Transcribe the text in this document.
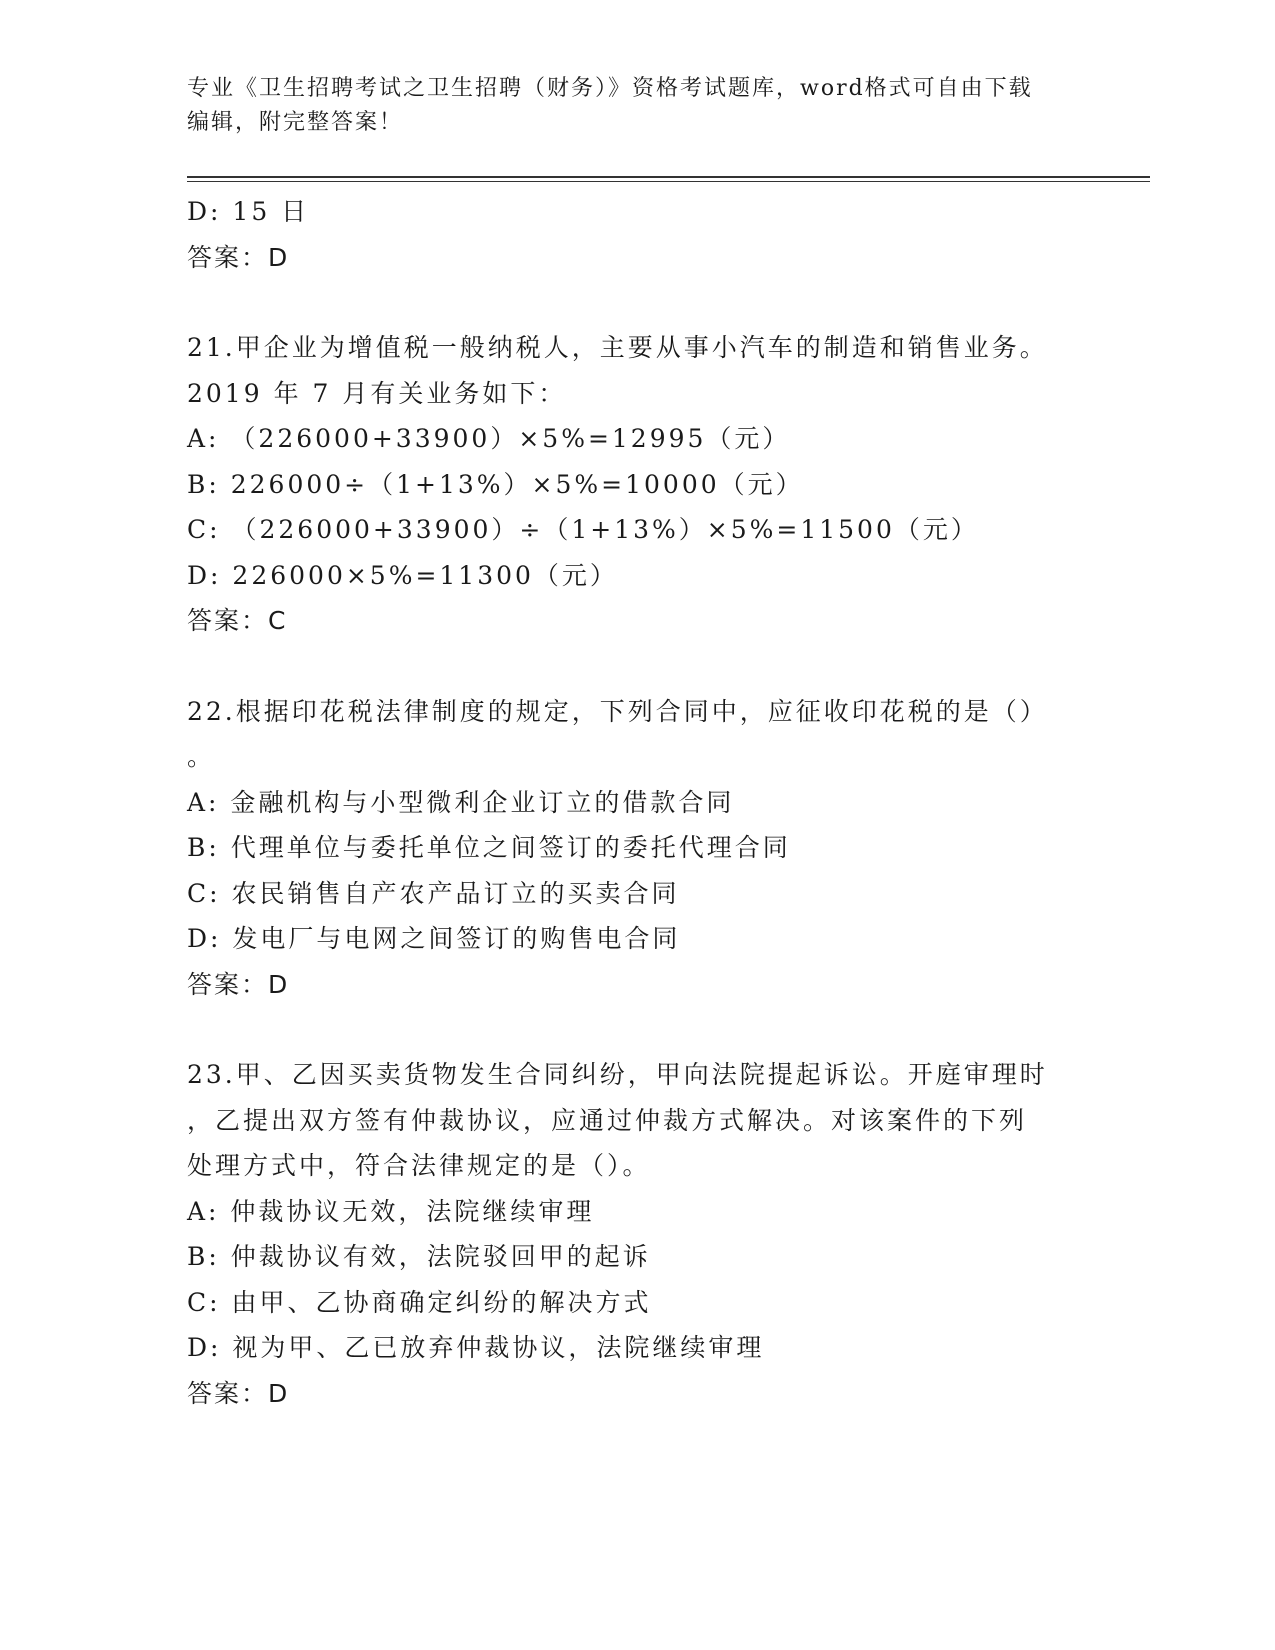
专业《卫生招聘考试之卫生招聘（财务）》资格考试题库，word格式可自由下载
编辑，附完整答案！
D: 15 日
答案：D
21.甲企业为增值税一般纳税人，主要从事小汽车的制造和销售业务。
2019 年 7 月有关业务如下：
A: （226000+33900）×5%=12995（元）
B: 226000÷（1+13%）×5%=10000（元）
C: （226000+33900）÷（1+13%）×5%=11500（元）
D: 226000×5%=11300（元）
答案：C
22.根据印花税法律制度的规定，下列合同中，应征收印花税的是（）
。
A: 金融机构与小型微利企业订立的借款合同
B: 代理单位与委托单位之间签订的委托代理合同
C: 农民销售自产农产品订立的买卖合同
D: 发电厂与电网之间签订的购售电合同
答案：D
23.甲、乙因买卖货物发生合同纠纷，甲向法院提起诉讼。开庭审理时
，乙提出双方签有仲裁协议，应通过仲裁方式解决。对该案件的下列
处理方式中，符合法律规定的是（）。
A: 仲裁协议无效，法院继续审理
B: 仲裁协议有效，法院驳回甲的起诉
C: 由甲、乙协商确定纠纷的解决方式
D: 视为甲、乙已放弃仲裁协议，法院继续审理
答案：D
